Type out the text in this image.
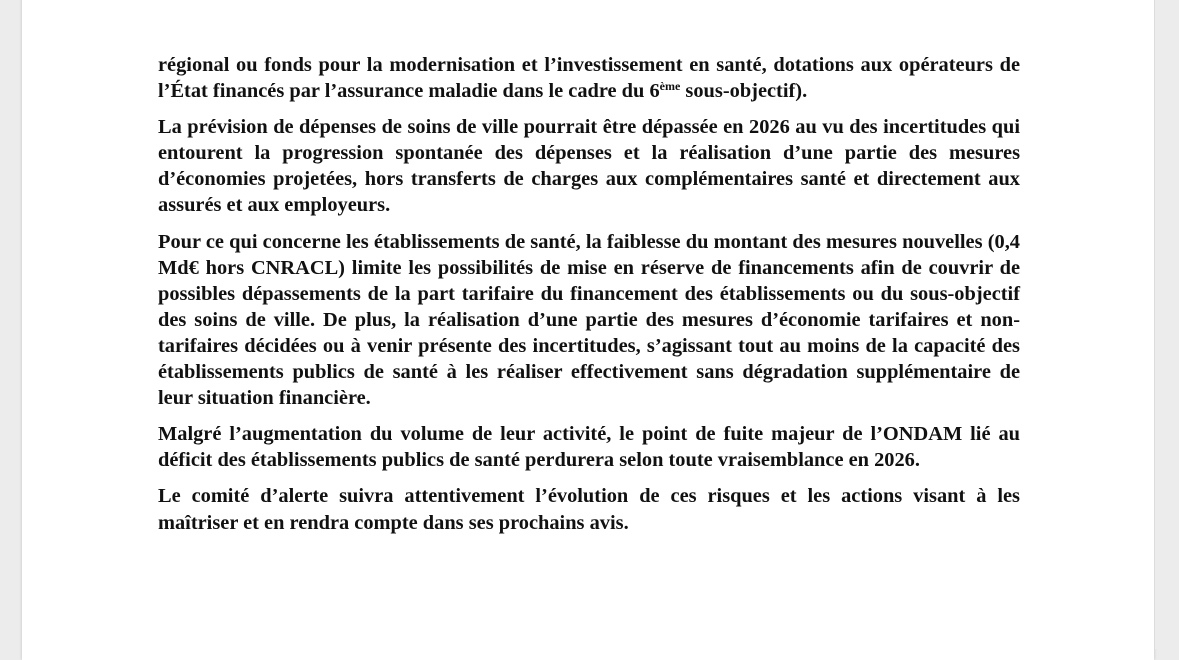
régional ou fonds pour la modernisation et l’investissement en santé, dotations aux opérateurs de l’État financés par l’assurance maladie dans le cadre du 6ème sous-objectif).

La prévision de dépenses de soins de ville pourrait être dépassée en 2026 au vu des incertitudes qui entourent la progression spontanée des dépenses et la réalisation d’une partie des mesures d’économies projetées, hors transferts de charges aux complémentaires santé et directement aux assurés et aux employeurs.

Pour ce qui concerne les établissements de santé, la faiblesse du montant des mesures nouvelles (0,4 Md€ hors CNRACL) limite les possibilités de mise en réserve de financements afin de couvrir de possibles dépassements de la part tarifaire du financement des établissements ou du sous-objectif des soins de ville. De plus, la réalisation d’une partie des mesures d’économie tarifaires et non-tarifaires décidées ou à venir présente des incertitudes, s’agissant tout au moins de la capacité des établissements publics de santé à les réaliser effectivement sans dégradation supplémentaire de leur situation financière.

Malgré l’augmentation du volume de leur activité, le point de fuite majeur de l’ONDAM lié au déficit des établissements publics de santé perdurera selon toute vraisemblance en 2026.

Le comité d’alerte suivra attentivement l’évolution de ces risques et les actions visant à les maîtriser et en rendra compte dans ses prochains avis.
